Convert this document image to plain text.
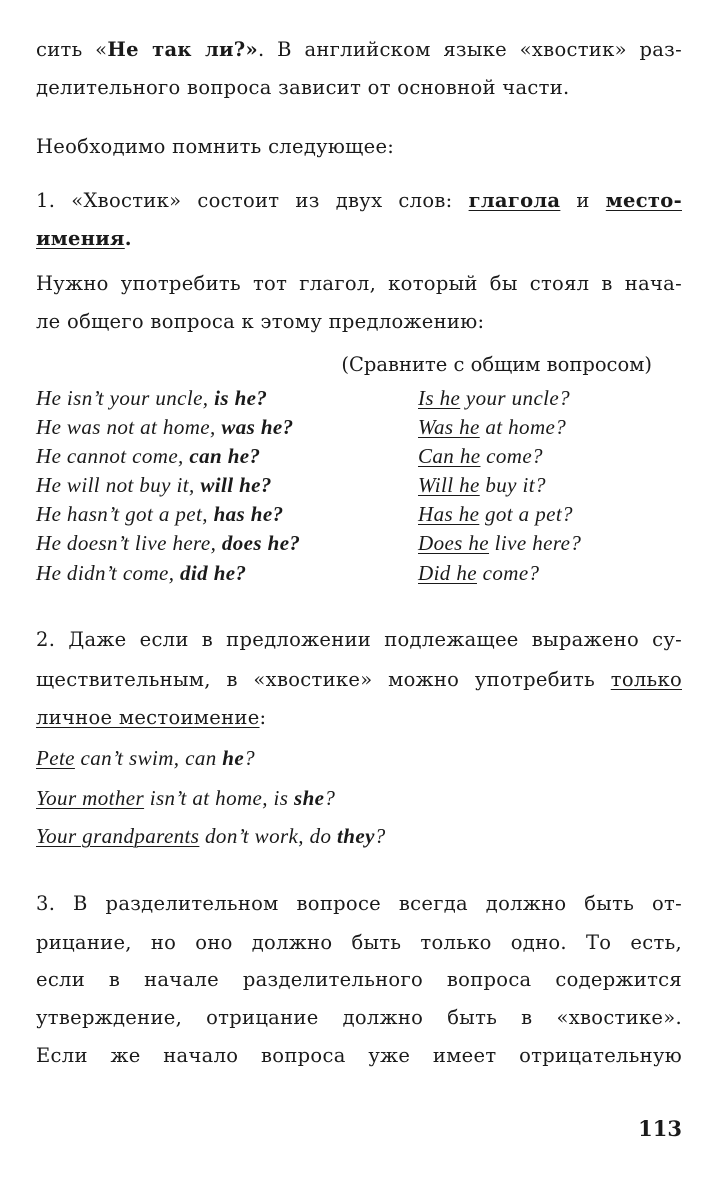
сить «Не так ли?». В английском языке «хвостик» раз-
делительного вопроса зависит от основной части.
Необходимо помнить следующее:
1. «Хвостик» состоит из двух слов: глагола и место-
имения.
Нужно употребить тот глагол, который бы стоял в нача-
ле общего вопроса к этому предложению:
(Сравните с общим вопросом)
He isn’t your uncle, is he?	Is he your uncle?
He was not at home, was he?	Was he at home?
He cannot come, can he?	Can he come?
He will not buy it, will he?	Will he buy it?
He hasn’t got a pet, has he?	Has he got a pet?
He doesn’t live here, does he?	Does he live here?
He didn’t come, did he?	Did he come?
2. Даже если в предложении подлежащее выражено су-
ществительным, в «хвостике» можно употребить только
личное местоимение:
Pete can’t swim, can he?
Your mother isn’t at home, is she?
Your grandparents don’t work, do they?
3. В разделительном вопросе всегда должно быть от-
рицание, но оно должно быть только одно. То есть,
если в начале разделительного вопроса содержится
утверждение, отрицание должно быть в «хвостике».
Если же начало вопроса уже имеет отрицательную
113
